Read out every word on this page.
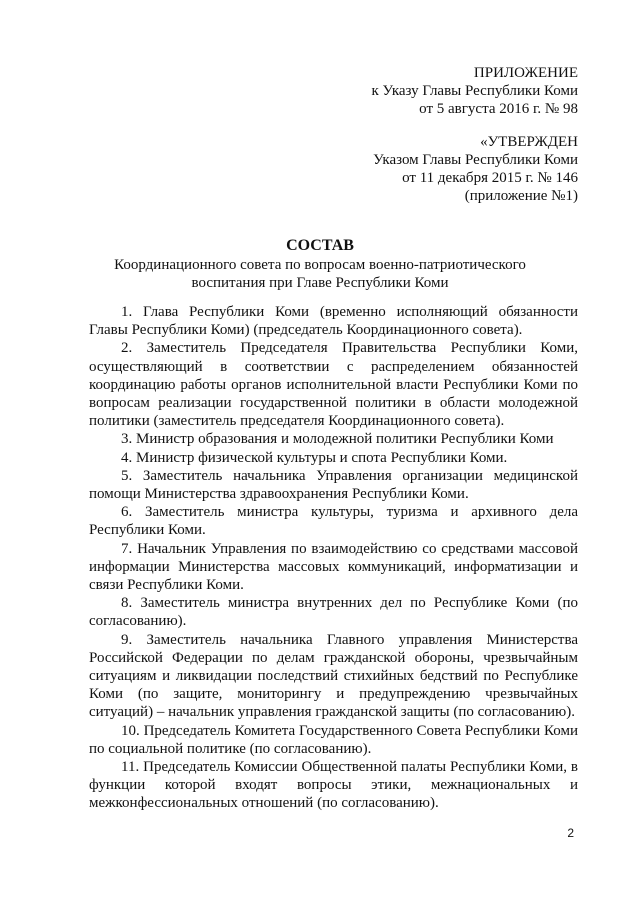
ПРИЛОЖЕНИЕ
к Указу Главы Республики Коми
от 5 августа 2016 г. № 98
«УТВЕРЖДЕН
Указом Главы Республики Коми
от 11 декабря 2015 г. № 146
(приложение №1)
СОСТАВ
Координационного совета по вопросам военно-патриотического
воспитания при Главе Республики Коми

1. Глава Республики Коми (временно исполняющий обязанности Главы Республики Коми) (председатель Координационного совета).

2. Заместитель Председателя Правительства Республики Коми, осуществляющий в соответствии с распределением обязанностей координацию работы органов исполнительной власти Республики Коми по вопросам реализации государственной политики в области молодежной политики (заместитель председателя Координационного совета).

3. Министр образования и молодежной политики Республики Коми

4. Министр физической культуры и спота Республики Коми.

5. Заместитель начальника Управления организации медицинской помощи Министерства здравоохранения Республики Коми.

6. Заместитель министра культуры, туризма и архивного дела Республики Коми.

7. Начальник Управления по взаимодействию со средствами массовой информации Министерства массовых коммуникаций, информатизации и связи Республики Коми.

8. Заместитель министра внутренних дел по Республике Коми (по согласованию).

9. Заместитель начальника Главного управления Министерства Российской Федерации по делам гражданской обороны, чрезвычайным ситуациям и ликвидации последствий стихийных бедствий по Республике Коми (по защите, мониторингу и предупреждению чрезвычайных ситуаций) – начальник управления гражданской защиты (по согласованию).

10. Председатель Комитета Государственного Совета Республики Коми по социальной политике (по согласованию).

11. Председатель Комиссии Общественной палаты Республики Коми, в функции которой входят вопросы этики, межнациональных и межконфессиональных отношений (по согласованию).

2
